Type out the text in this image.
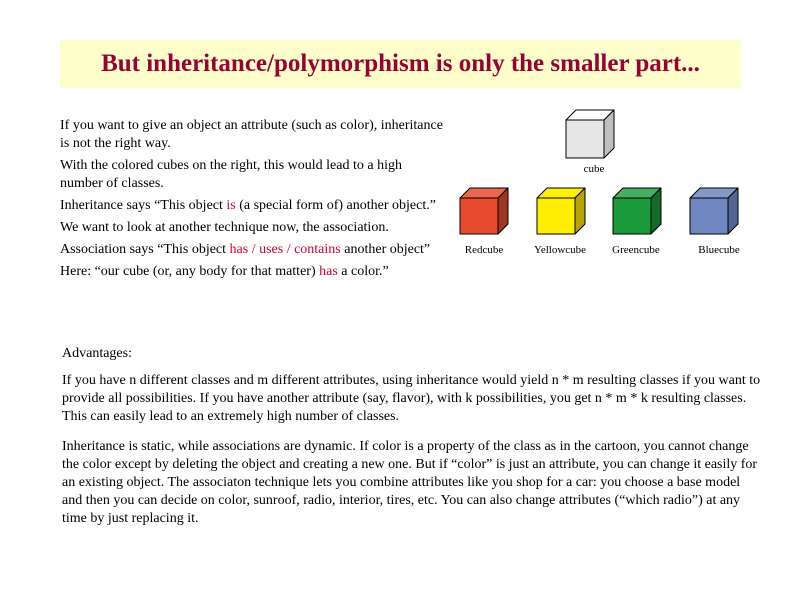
But inheritance/polymorphism is only the smaller part...

If you want to give an object an attribute (such as color), inheritance is not the right way.

With the colored cubes on the right, this would lead to a high number of classes.

Inheritance says “This object is (a special form of) another object.”

We want to look at another technique now, the association.

Association says “This object has / uses / contains another object”

Here: “our cube (or, any body for that matter) has a color.”

cube
Redcube	Yellowcube Greencube	Bluecube
Advantages:

If you have n different classes and m different attributes, using inheritance would yield n * m resulting classes if you want to provide all possibilities. If you have another attribute (say, flavor), with k possibilities, you get n * m * k resulting classes. This can easily lead to an extremely high number of classes.

Inheritance is static, while associations are dynamic. If color is a property of the class as in the cartoon, you cannot change the color except by deleting the object and creating a new one. But if “color” is just an attribute, you can change it easily for an existing object. The associaton technique lets you combine attributes like you shop for a car: you choose a base model and then you can decide on color, sunroof, radio, interior, tires, etc. You can also change attributes (“which radio”) at any time by just replacing it.
